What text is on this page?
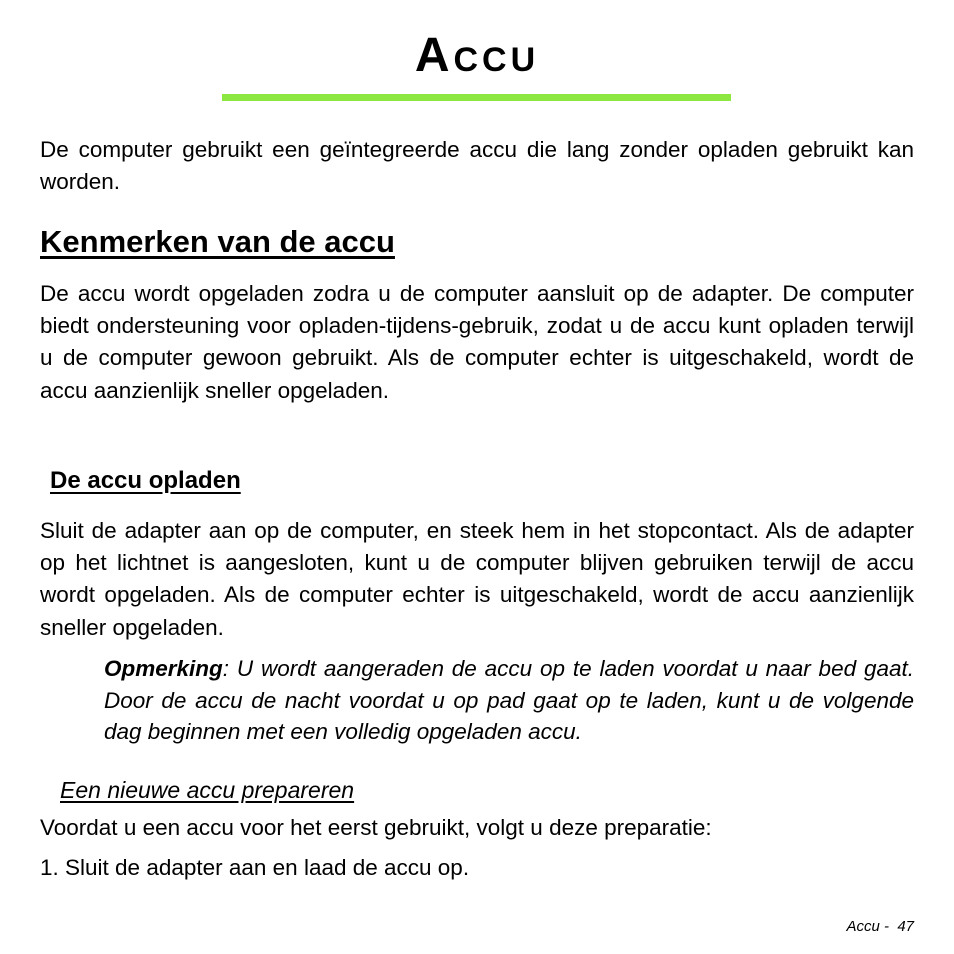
Accu
De computer gebruikt een geïntegreerde accu die lang zonder opladen gebruikt kan worden.
Kenmerken van de accu
De accu wordt opgeladen zodra u de computer aansluit op de adapter. De computer biedt ondersteuning voor opladen-tijdens-gebruik, zodat u de accu kunt opladen terwijl u de computer gewoon gebruikt. Als de computer echter is uitgeschakeld, wordt de accu aanzienlijk sneller opgeladen.
De accu opladen
Sluit de adapter aan op de computer, en steek hem in het stopcontact. Als de adapter op het lichtnet is aangesloten, kunt u de computer blijven gebruiken terwijl de accu wordt opgeladen. Als de computer echter is uitgeschakeld, wordt de accu aanzienlijk sneller opgeladen.
Opmerking: U wordt aangeraden de accu op te laden voordat u naar bed gaat. Door de accu de nacht voordat u op pad gaat op te laden, kunt u de volgende dag beginnen met een volledig opgeladen accu.
Een nieuwe accu prepareren
Voordat u een accu voor het eerst gebruikt, volgt u deze preparatie:
1. Sluit de adapter aan en laad de accu op.
Accu - 47
